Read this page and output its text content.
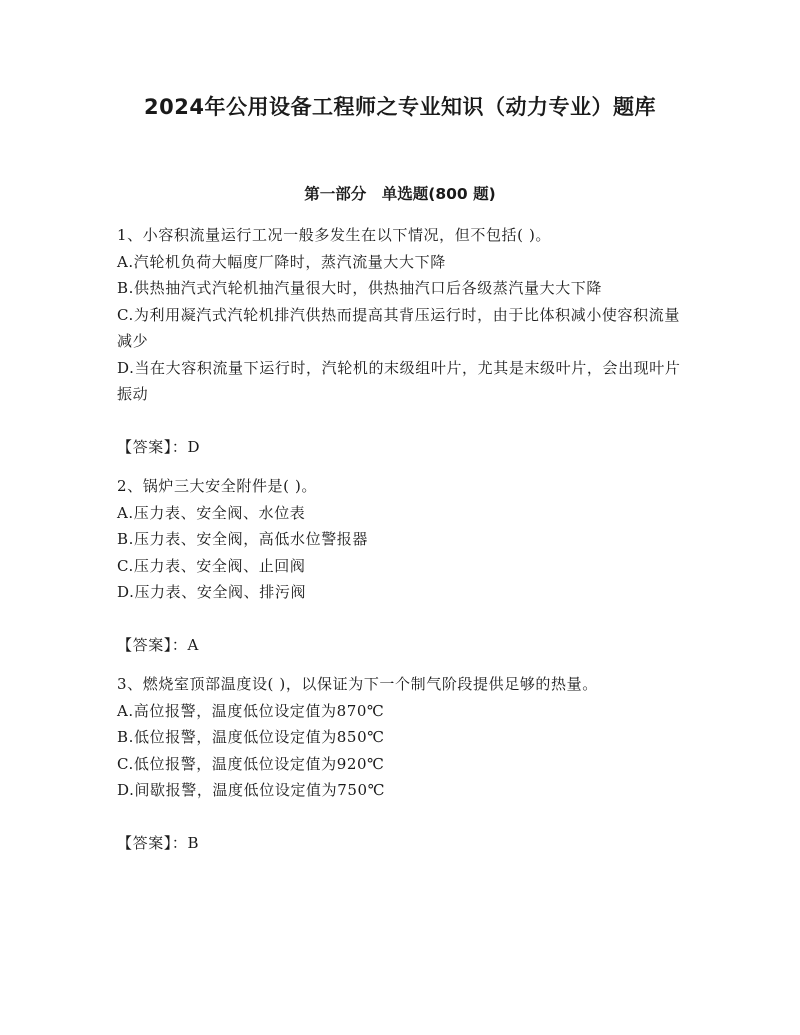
2024年公用设备工程师之专业知识（动力专业）题库
第一部分　单选题(800 题)

1、小容积流量运行工况一般多发生在以下情况，但不包括( )。

A.汽轮机负荷大幅度厂降时，蒸汽流量大大下降

B.供热抽汽式汽轮机抽汽量很大时，供热抽汽口后各级蒸汽量大大下降

C.为利用凝汽式汽轮机排汽供热而提高其背压运行时，由于比体积减小使容积流量减少

D.当在大容积流量下运行时，汽轮机的末级组叶片，尤其是末级叶片，会出现叶片振动

【答案】：D

2、锅炉三大安全附件是( )。

A.压力表、安全阀、水位表

B.压力表、安全阀，高低水位警报器

C.压力表、安全阀、止回阀

D.压力表、安全阀、排污阀

【答案】：A

3、燃烧室顶部温度设( )，以保证为下一个制气阶段提供足够的热量。

A.高位报警，温度低位设定值为870℃

B.低位报警，温度低位设定值为850℃

C.低位报警，温度低位设定值为920℃

D.间歇报警，温度低位设定值为750℃

【答案】：B
